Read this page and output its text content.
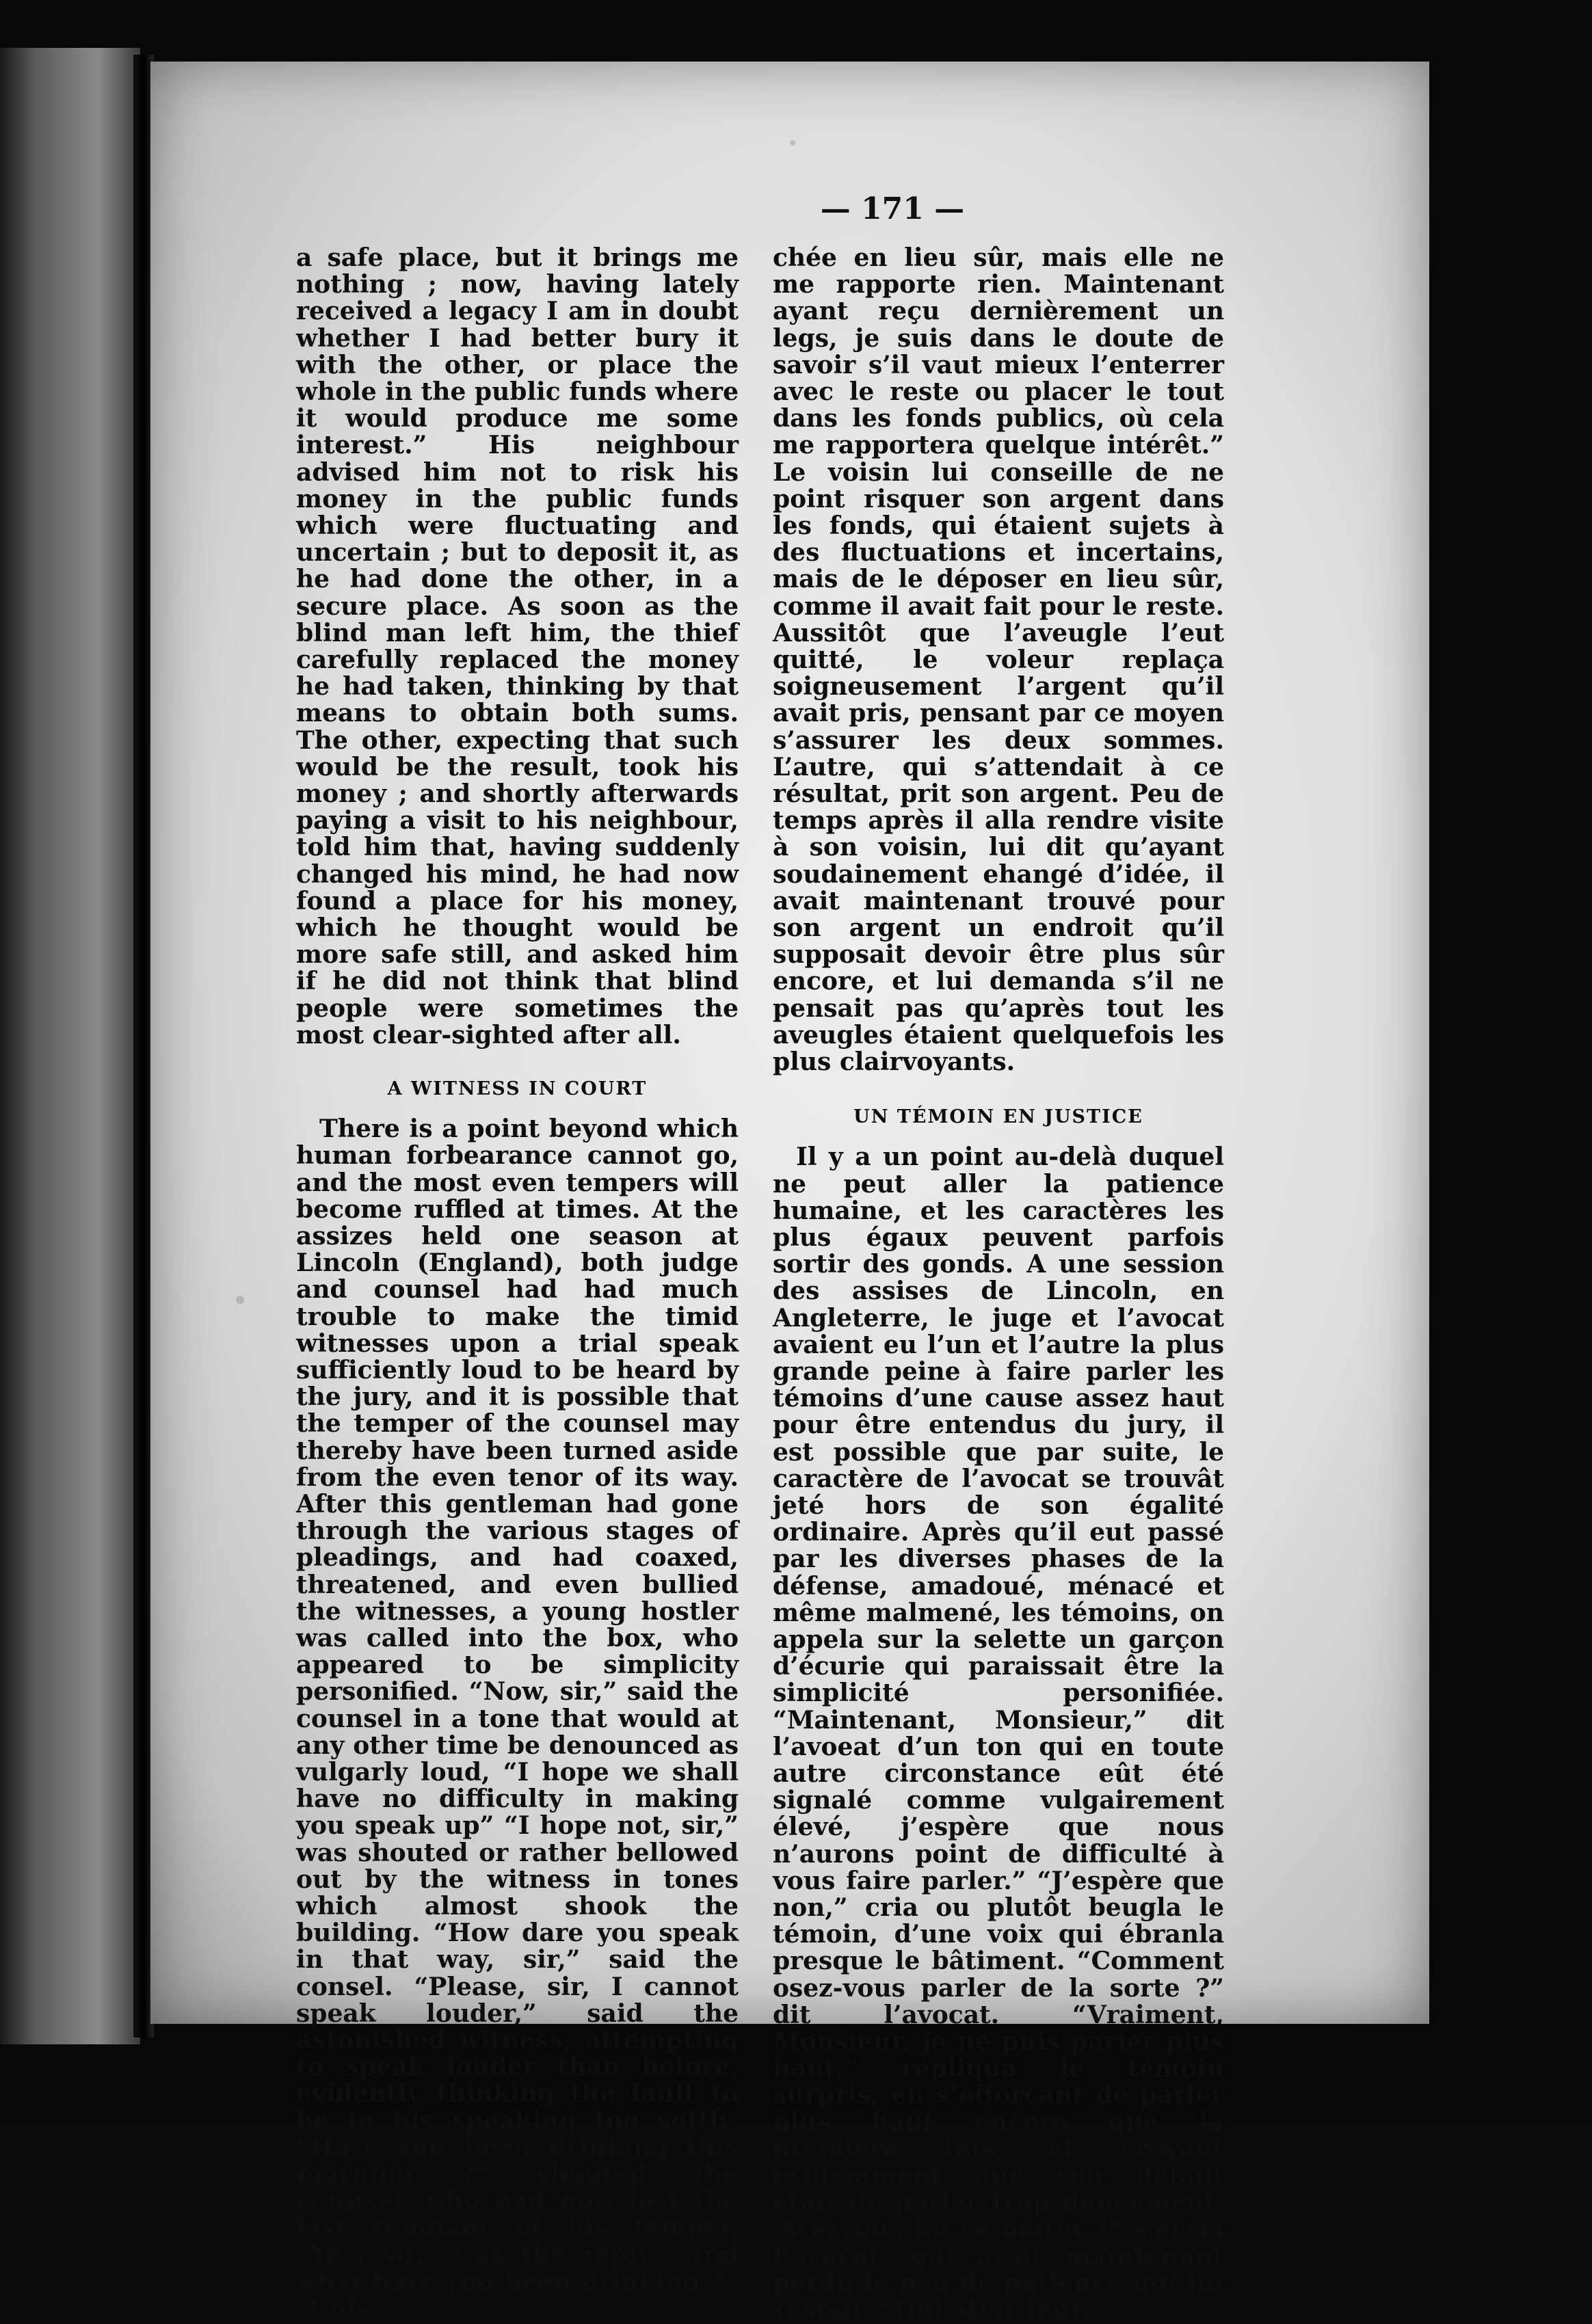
— 171 —

a safe place, but it brings me nothing ; now, having lately received a legacy I am in doubt whether I had better bury it with the other, or place the whole in the public funds where it would produce me some interest.” His neighbour advised him not to risk his money in the public funds which were fluctuating and uncertain ; but to deposit it, as he had done the other, in a secure place. As soon as the blind man left him, the thief carefully replaced the money he had taken, thinking by that means to obtain both sums. The other, expecting that such would be the result, took his money ; and shortly afterwards paying a visit to his neighbour, told him that, having suddenly changed his mind, he had now found a place for his money, which he thought would be more safe still, and asked him if he did not think that blind people were sometimes the most clear-sighted after all.

A WITNESS IN COURT

There is a point beyond which human forbearance cannot go, and the most even tempers will become ruffled at times. At the assizes held one season at Lincoln (England), both judge and counsel had had much trouble to make the timid witnesses upon a trial speak sufficiently loud to be heard by the jury, and it is possible that the temper of the counsel may thereby have been turned aside from the even tenor of its way. After this gentleman had gone through the various stages of pleadings, and had coaxed, threatened, and even bullied the witnesses, a young hostler was called into the box, who appeared to be simplicity personified. “Now, sir,” said the counsel in a tone that would at any other time be denounced as vulgarly loud, “I hope we shall have no difficulty in making you speak up” “I hope not, sir,” was shouted or rather bellowed out by the witness in tones which almost shook the building. “How dare you speak in that way, sir,” said the consel. “Please, sir, I cannot speak louder,” said the astonished witness, attempting to speak louder than before, evidently thinking the fault to be in his speaking too softly. “Have you been drinking this morning ?” shouted the counsel, who had now lost the last remnant of his temper. “Yes, sir,” was the reply. “And what have you been drinking ?” “Cof-

chée en lieu sûr, mais elle ne me rapporte rien. Maintenant ayant reçu dernièrement un legs, je suis dans le doute de savoir s’il vaut mieux l’enterrer avec le reste ou placer le tout dans les fonds publics, où cela me rapportera quelque intérêt.” Le voisin lui conseille de ne point risquer son argent dans les fonds, qui étaient sujets à des fluctuations et incertains, mais de le déposer en lieu sûr, comme il avait fait pour le reste. Aussitôt que l’aveugle l’eut quitté, le voleur replaça soigneusement l’argent qu’il avait pris, pensant par ce moyen s’assurer les deux sommes. L’autre, qui s’attendait à ce résultat, prit son argent. Peu de temps après il alla rendre visite à son voisin, lui dit qu’ayant soudainement ehangé d’idée, il avait maintenant trouvé pour son argent un endroit qu’il supposait devoir être plus sûr encore, et lui demanda s’il ne pensait pas qu’après tout les aveugles étaient quelquefois les plus clairvoyants.

UN TÉMOIN EN JUSTICE

Il y a un point au-delà duquel ne peut aller la patience humaine, et les caractères les plus égaux peuvent parfois sortir des gonds. A une session des assises de Lincoln, en Angleterre, le juge et l’avocat avaient eu l’un et l’autre la plus grande peine à faire parler les témoins d’une cause assez haut pour être entendus du jury, il est possible que par suite, le caractère de l’avocat se trouvât jeté hors de son égalité ordinaire. Après qu’il eut passé par les diverses phases de la défense, amadoué, ménacé et même malmené, les témoins, on appela sur la selette un garçon d’écurie qui paraissait être la simplicité personifiée. “Maintenant, Monsieur,” dit l’avoeat d’un ton qui en toute autre circonstance eût été signalé comme vulgairement élevé, j’espère que nous n’aurons point de difficulté à vous faire parler.” “J’espère que non,” cria ou plutôt beugla le témoin, d’une voix qui ébranla presque le bâtiment. “Comment osez-vous parler de la sorte ?” dit l’avocat. “Vraiment, Monsieur, je ne puis parler plus haut,” répliqua le témoin surpris, en s’efforçant de parler plus haut encore que la première fois, et croyant évidemment que son défaut était de parler trop doucement. ‘Avezvous bu ce matin ?” s’écria l’avocat, qui avait maintenant perdu le peu de patience qui lui restait. “Oui Monsieur,”
